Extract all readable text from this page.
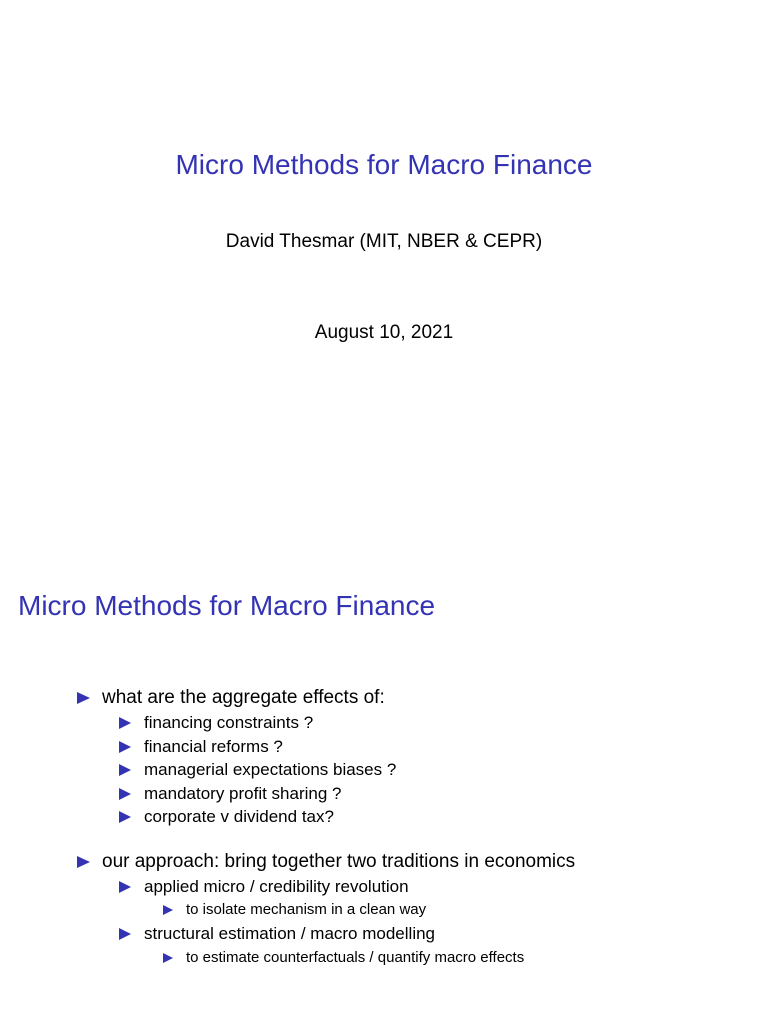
Micro Methods for Macro Finance
David Thesmar (MIT, NBER & CEPR)
August 10, 2021
Micro Methods for Macro Finance
what are the aggregate effects of:
financing constraints ?
financial reforms ?
managerial expectations biases ?
mandatory profit sharing ?
corporate v dividend tax?
our approach: bring together two traditions in economics
applied micro / credibility revolution
to isolate mechanism in a clean way
structural estimation / macro modelling
to estimate counterfactuals / quantify macro effects
